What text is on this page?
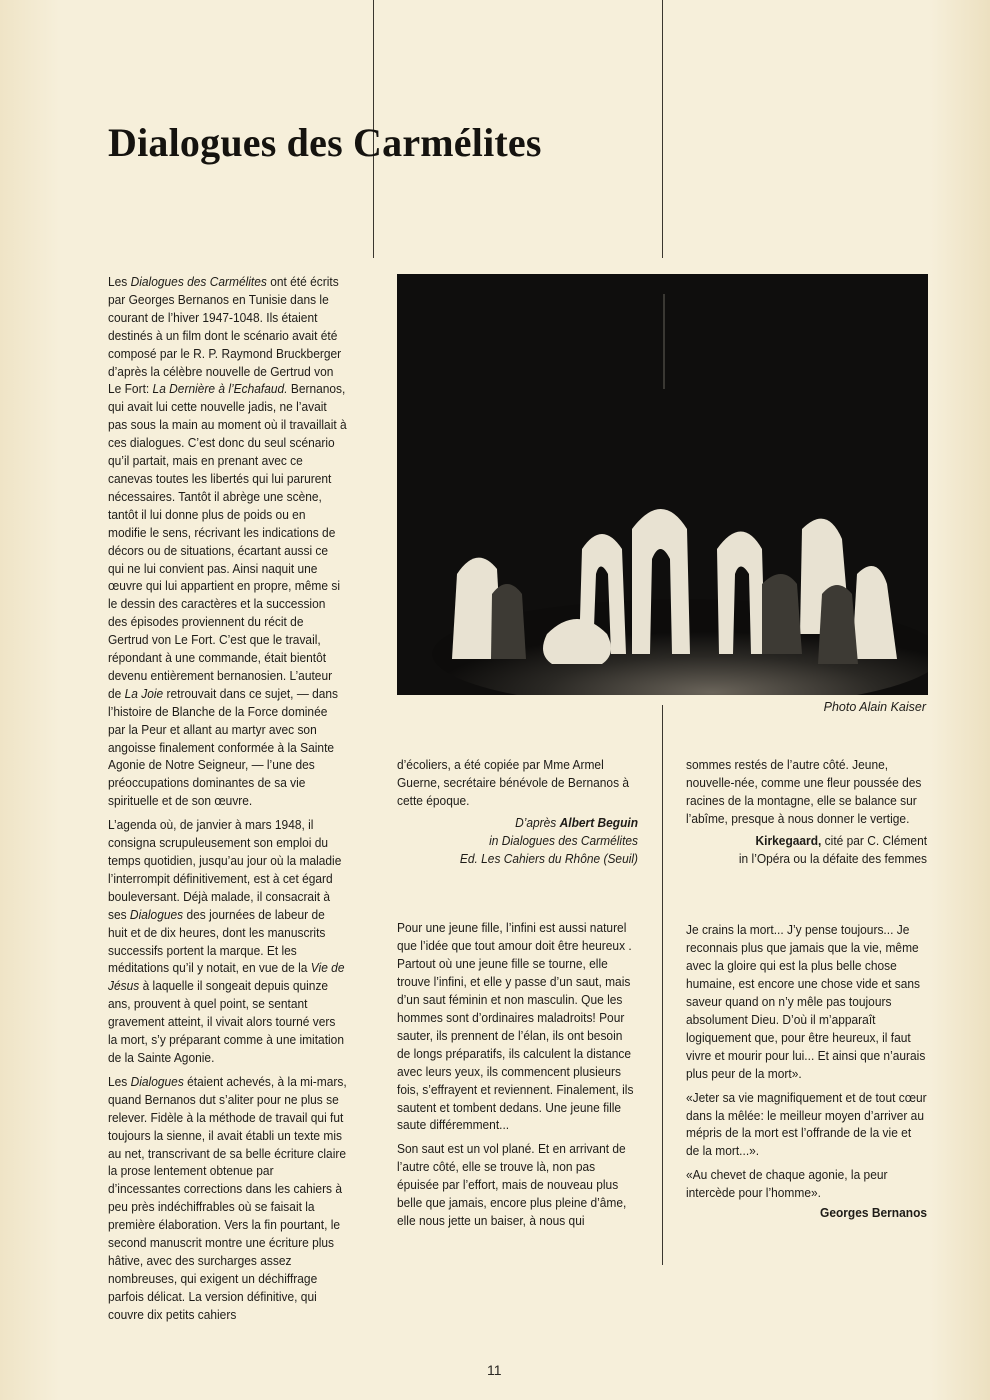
Dialogues des Carmélites

Les Dialogues des Carmélites ont été écrits par Georges Bernanos en Tunisie dans le courant de l’hiver 1947-1048. Ils étaient destinés à un film dont le scénario avait été composé par le R. P. Raymond Bruckberger d’après la célèbre nouvelle de Gertrud von Le Fort: La Dernière à l’Echafaud. Bernanos, qui avait lui cette nouvelle jadis, ne l’avait pas sous la main au moment où il travaillait à ces dialogues. C’est donc du seul scénario qu’il partait, mais en prenant avec ce canevas toutes les libertés qui lui parurent nécessaires. Tantôt il abrège une scène, tantôt il lui donne plus de poids ou en modifie le sens, récrivant les indications de décors ou de situations, écartant aussi ce qui ne lui convient pas. Ainsi naquit une œuvre qui lui appartient en propre, même si le dessin des caractères et la succession des épisodes proviennent du récit de Gertrud von Le Fort. C’est que le travail, répondant à une commande, était bientôt devenu entièrement bernanosien. L’auteur de La Joie retrouvait dans ce sujet, — dans l’histoire de Blanche de la Force dominée par la Peur et allant au martyr avec son angoisse finalement conformée à la Sainte Agonie de Notre Seigneur, — l’une des préoccupations dominantes de sa vie spirituelle et de son œuvre.

L’agenda où, de janvier à mars 1948, il consigna scrupuleusement son emploi du temps quotidien, jusqu’au jour où la maladie l’interrompit définitivement, est à cet égard bouleversant. Déjà malade, il consacrait à ses Dialogues des journées de labeur de huit et de dix heures, dont les manuscrits successifs portent la marque. Et les méditations qu’il y notait, en vue de la Vie de Jésus à laquelle il songeait depuis quinze ans, prouvent à quel point, se sentant gravement atteint, il vivait alors tourné vers la mort, s’y préparant comme à une imitation de la Sainte Agonie.

Les Dialogues étaient achevés, à la mi-mars, quand Bernanos dut s’aliter pour ne plus se relever. Fidèle à la méthode de travail qui fut toujours la sienne, il avait établi un texte mis au net, transcrivant de sa belle écriture claire la prose lentement obtenue par d’incessantes corrections dans les cahiers à peu près indéchiffrables où se faisait la première élaboration. Vers la fin pourtant, le second manuscrit montre une écriture plus hâtive, avec des surcharges assez nombreuses, qui exigent un déchiffrage parfois délicat. La version définitive, qui couvre dix petits cahiers

Photo Alain Kaiser

d’écoliers, a été copiée par Mme Armel Guerne, secrétaire bénévole de Bernanos à cette époque.

D’après Albert Beguin
in Dialogues des Carmélites
Ed. Les Cahiers du Rhône (Seuil)

Pour une jeune fille, l’infini est aussi naturel que l’idée que tout amour doit être heureux . Partout où une jeune fille se tourne, elle trouve l’infini, et elle y passe d’un saut, mais d’un saut féminin et non masculin. Que les hommes sont d’ordinaires maladroits! Pour sauter, ils prennent de l’élan, ils ont besoin de longs préparatifs, ils calculent la distance avec leurs yeux, ils commencent plusieurs fois, s’effrayent et reviennent. Finalement, ils sautent et tombent dedans. Une jeune fille saute différemment...

Son saut est un vol plané. Et en arrivant de l’autre côté, elle se trouve là, non pas épuisée par l’effort, mais de nouveau plus belle que jamais, encore plus pleine d’âme, elle nous jette un baiser, à nous qui

sommes restés de l’autre côté. Jeune, nouvelle-née, comme une fleur poussée des racines de la montagne, elle se balance sur l’abîme, presque à nous donner le vertige.

Kirkegaard, cité par C. Clément
in l’Opéra ou la défaite des femmes

Je crains la mort... J’y pense toujours... Je reconnais plus que jamais que la vie, même avec la gloire qui est la plus belle chose humaine, est encore une chose vide et sans saveur quand on n’y mêle pas toujours absolument Dieu. D’où il m’apparaît logiquement que, pour être heureux, il faut vivre et mourir pour lui... Et ainsi que n’aurais plus peur de la mort».

«Jeter sa vie magnifiquement et de tout cœur dans la mêlée: le meilleur moyen d’arriver au mépris de la mort est l’offrande de la vie et de la mort...».

«Au chevet de chaque agonie, la peur intercède pour l’homme».

Georges Bernanos
11
